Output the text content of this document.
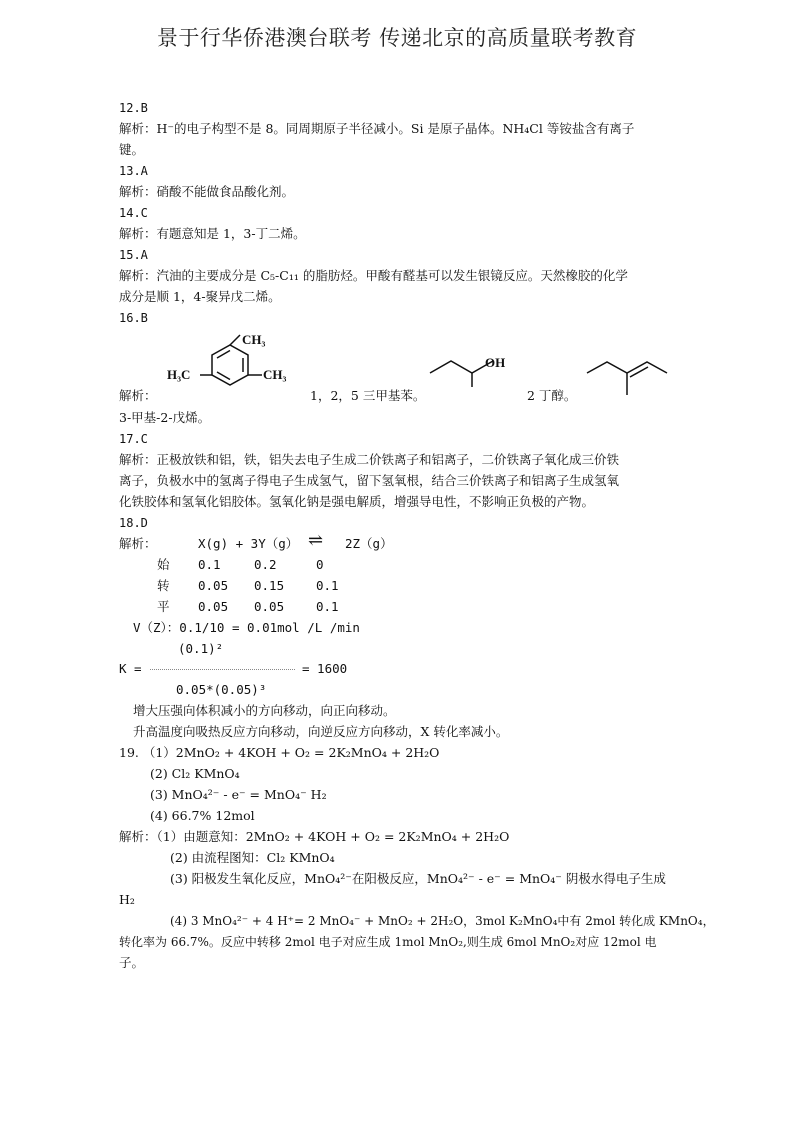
景于行华侨港澳台联考 传递北京的高质量联考教育
12.B
解析：H⁻的电子构型不是 8。同周期原子半径减小。Si 是原子晶体。NH₄Cl 等铵盐含有离子
键。
13.A
解析：硝酸不能做食品酸化剂。
14.C
解析：有题意知是 1，3-丁二烯。
15.A
解析：汽油的主要成分是 C₅-C₁₁ 的脂肪烃。甲酸有醛基可以发生银镜反应。天然橡胶的化学
成分是顺 1，4-聚异戊二烯。
16.B
CH₃
H₃C	CH₃
OH
解析：	1，2，5 三甲基苯。	2 丁醇。
3-甲基-2-戊烯。
17.C
解析：正极放铁和铝，铁，铝失去电子生成二价铁离子和铝离子，二价铁离子氧化成三价铁
离子，负极水中的氢离子得电子生成氢气，留下氢氧根，结合三价铁离子和铝离子生成氢氧
化铁胶体和氢氧化铝胶体。氢氧化钠是强电解质，增强导电性，不影响正负极的产物。
18.D
解析：	X(g) + 3Y（g） ⇌ 2Z（g）
始 0.1	0.2	0
转 0.05 0.15	0.1
平 0.05 0.05	0.1
V（Z）：0.1/10 = 0.01mol /L /min
(0.1)²
K =	= 1600
0.05*(0.05)³
增大压强向体积减小的方向移动，向正向移动。
升高温度向吸热反应方向移动，向逆反应方向移动，X 转化率减小。
19. （1）2MnO₂ + 4KOH + O₂ = 2K₂MnO₄ + 2H₂O
(2) Cl₂ KMnO₄
(3) MnO₄²⁻ - e⁻ = MnO₄⁻ H₂
(4) 66.7% 12mol
解析：（1）由题意知：2MnO₂ + 4KOH + O₂ = 2K₂MnO₄ + 2H₂O
(2) 由流程图知：Cl₂ KMnO₄
(3) 阳极发生氧化反应，MnO₄²⁻在阳极反应，MnO₄²⁻ - e⁻ = MnO₄⁻ 阴极水得电子生成
H₂
(4) 3 MnO₄²⁻ + 4 H⁺= 2 MnO₄⁻ + MnO₂ + 2H₂O，3mol K₂MnO₄中有 2mol 转化成 KMnO₄，
转化率为 66.7%。反应中转移 2mol 电子对应生成 1mol MnO₂,则生成 6mol MnO₂对应 12mol 电
子。
